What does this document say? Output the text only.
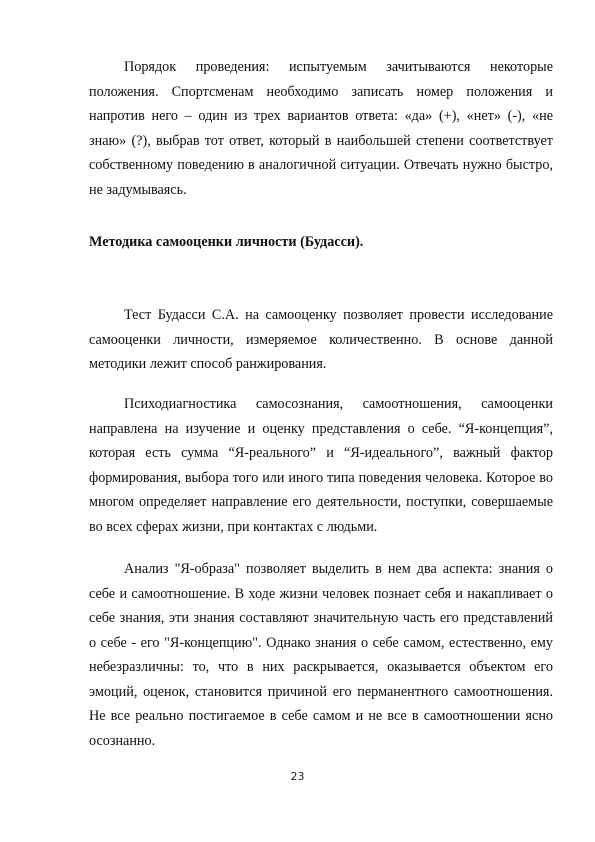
Порядок проведения: испытуемым зачитываются некоторые положения. Спортсменам необходимо записать номер положения и напротив него – один из трех вариантов ответа: «да» (+), «нет» (-), «не знаю» (?), выбрав тот ответ, который в наибольшей степени соответствует собственному поведению в аналогичной ситуации. Отвечать нужно быстро, не задумываясь.

Методика самооценки личности (Будасси).

Тест Будасси С.А. на самооценку позволяет провести исследование самооценки личности, измеряемое количественно. В основе данной методики лежит способ ранжирования.

Психодиагностика самосознания, самоотношения, самооценки направлена на изучение и оценку представления о себе. “Я-концепция”, которая есть сумма “Я-реального” и “Я-идеального”, важный фактор формирования, выбора того или иного типа поведения человека. Которое во многом определяет направление его деятельности, поступки, совершаемые во всех сферах жизни, при контактах с людьми.

Анализ "Я-образа" позволяет выделить в нем два аспекта: знания о себе и самоотношение. В ходе жизни человек познает себя и накапливает о себе знания, эти знания составляют значительную часть его представлений о себе - его "Я-концепцию". Однако знания о себе самом, естественно, ему небезразличны: то, что в них раскрывается, оказывается объектом его эмоций, оценок, становится причиной его перманентного самоотношения. Не все реально постигаемое в себе самом и не все в самоотношении ясно осознанно.

23
